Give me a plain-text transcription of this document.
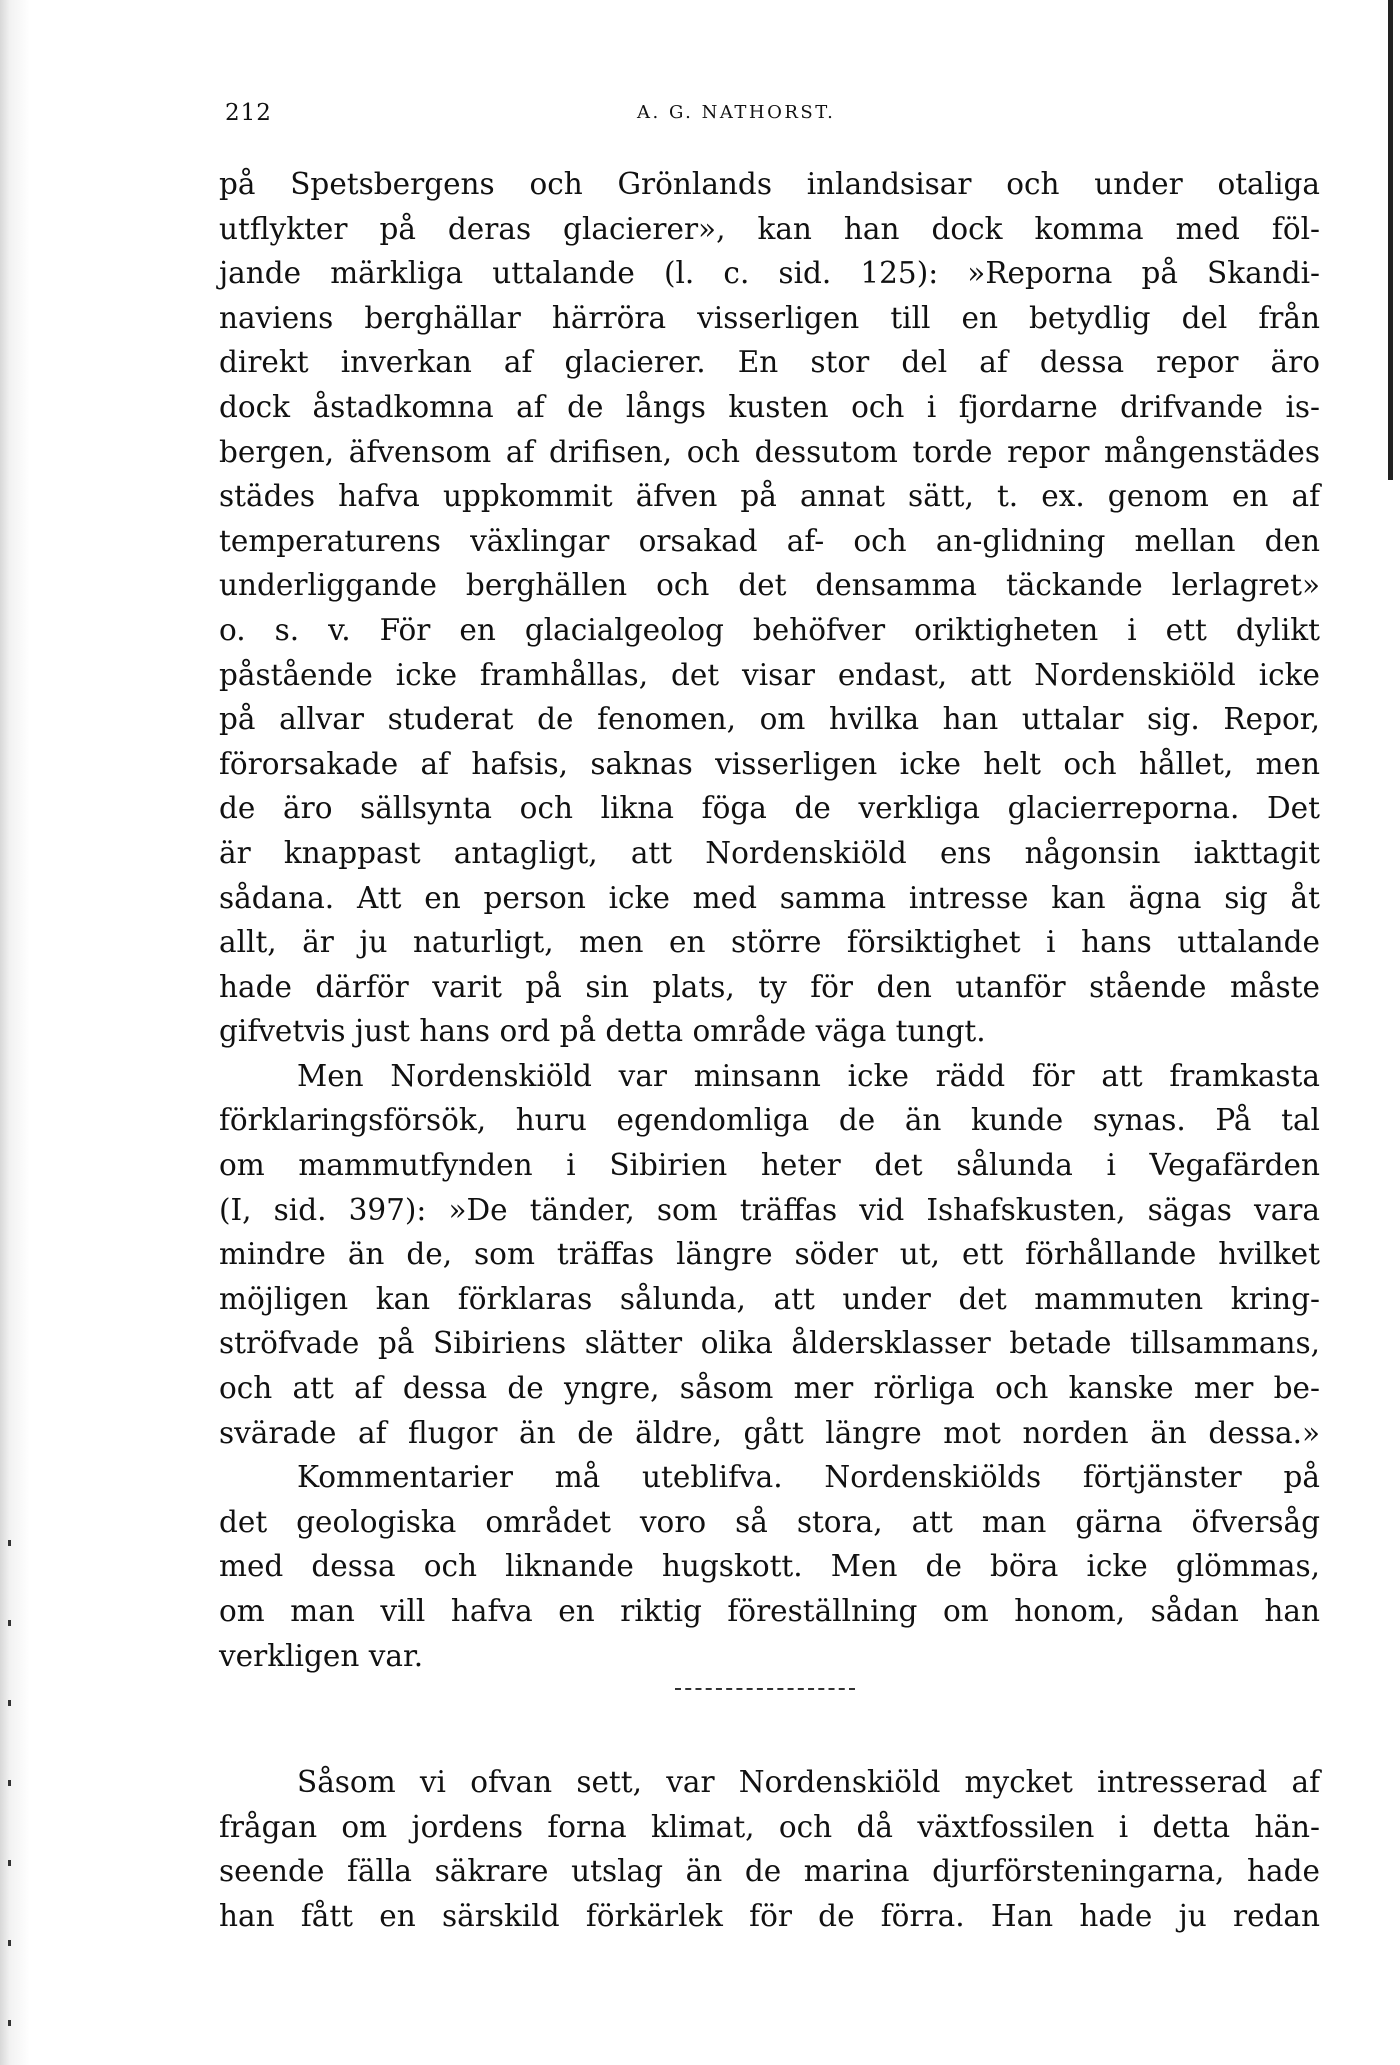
212	A. G. NATHORST.
på Spetsbergens och Grönlands inlandsisar och under otaliga
utflykter på deras glacierer», kan han dock komma med föl-
jande märkliga uttalande (l. c. sid. 125): »Reporna på Skandi-
naviens berghällar härröra visserligen till en betydlig del från
direkt inverkan af glacierer. En stor del af dessa repor äro
dock åstadkomna af de långs kusten och i fjordarne drifvande is-
bergen, äfvensom af drifisen, och dessutom torde repor mångenstädes
städes hafva uppkommit äfven på annat sätt, t. ex. genom en af
temperaturens växlingar orsakad af- och an-glidning mellan den
underliggande berghällen och det densamma täckande lerlagret»
o. s. v. För en glacialgeolog behöfver oriktigheten i ett dylikt
påstående icke framhållas, det visar endast, att Nordenskiöld icke
på allvar studerat de fenomen, om hvilka han uttalar sig. Repor,
förorsakade af hafsis, saknas visserligen icke helt och hållet, men
de äro sällsynta och likna föga de verkliga glacierreporna. Det
är knappast antagligt, att Nordenskiöld ens någonsin iakttagit
sådana. Att en person icke med samma intresse kan ägna sig åt
allt, är ju naturligt, men en större försiktighet i hans uttalande
hade därför varit på sin plats, ty för den utanför stående måste
gifvetvis just hans ord på detta område väga tungt.
Men Nordenskiöld var minsann icke rädd för att framkasta
förklaringsförsök, huru egendomliga de än kunde synas. På tal
om mammutfynden i Sibirien heter det sålunda i Vegafärden
(I, sid. 397): »De tänder, som träffas vid Ishafskusten, sägas vara
mindre än de, som träffas längre söder ut, ett förhållande hvilket
möjligen kan förklaras sålunda, att under det mammuten kring-
ströfvade på Sibiriens slätter olika åldersklasser betade tillsammans,
och att af dessa de yngre, såsom mer rörliga och kanske mer be-
svärade af flugor än de äldre, gått längre mot norden än dessa.»
Kommentarier må uteblifva. Nordenskiölds förtjänster på
det geologiska området voro så stora, att man gärna öfversåg
med dessa och liknande hugskott. Men de böra icke glömmas,
om man vill hafva en riktig föreställning om honom, sådan han
verkligen var.
Såsom vi ofvan sett, var Nordenskiöld mycket intresserad af
frågan om jordens forna klimat, och då växtfossilen i detta hän-
seende fälla säkrare utslag än de marina djurförsteningarna, hade
han fått en särskild förkärlek för de förra. Han hade ju redan
